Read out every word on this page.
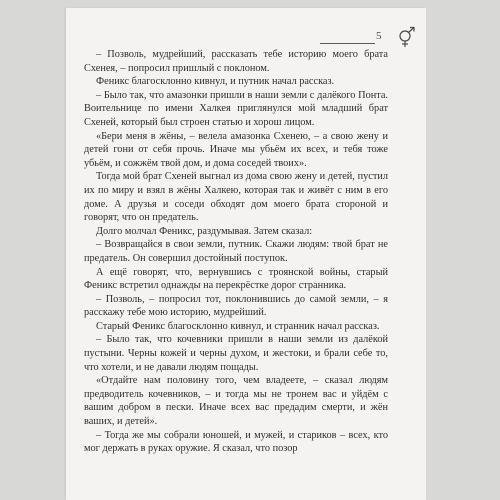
5

– Позволь, мудрейший, рассказать тебе историю моего брата Схенея, – попросил пришлый с поклоном.

Феникс благосклонно кивнул, и путник начал рассказ.

– Было так, что амазонки пришли в наши земли с далёкого Понта. Воительнице по имени Халкея приглянулся мой младший брат Схеней, который был строен статью и хорош лицом.

«Бери меня в жёны, – велела амазонка Схенею, – а свою жену и детей гони от себя прочь. Иначе мы убьём их всех, и тебя тоже убьём, и сожжём твой дом, и дома соседей твоих».

Тогда мой брат Схеней выгнал из дома свою жену и детей, пустил их по миру и взял в жёны Халкею, которая так и живёт с ним в его доме. А друзья и соседи обходят дом моего брата стороной и говорят, что он предатель.

Долго молчал Феникс, раздумывая. Затем сказал:

– Возвращайся в свои земли, путник. Скажи людям: твой брат не предатель. Он совершил достойный поступок.

А ещё говорят, что, вернувшись с троянской войны, старый Феникс встретил однажды на перекрёстке дорог странника.

– Позволь, – попросил тот, поклонившись до самой земли, – я расскажу тебе мою историю, мудрейший.

Старый Феникс благосклонно кивнул, и странник начал рассказ.

– Было так, что кочевники пришли в наши земли из далёкой пустыни. Черны кожей и черны духом, и жестоки, и брали себе то, что хотели, и не давали людям пощады.

«Отдайте нам половину того, чем владеете, – сказал людям предводитель кочевников, – и тогда мы не тронем вас и уйдём с вашим добром в пески. Иначе всех вас предадим смерти, и жён ваших, и детей».

– Тогда же мы собрали юношей, и мужей, и стариков – всех, кто мог держать в руках оружие. Я сказал, что позор
